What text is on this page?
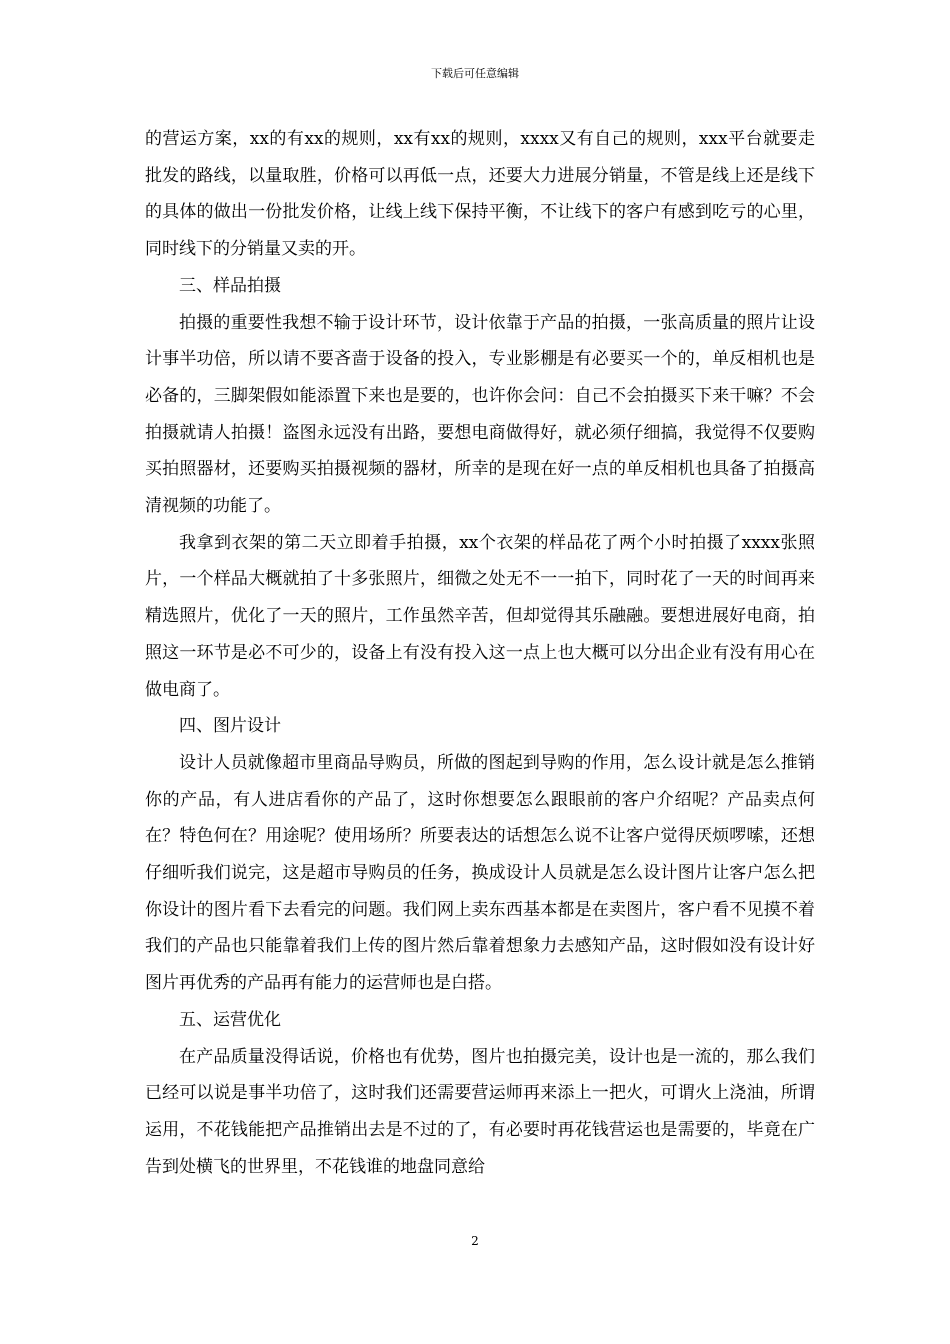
下载后可任意编辑

的营运方案，xx的有xx的规则，xx有xx的规则，xxxx又有自己的规则，xxx平台就要走批发的路线，以量取胜，价格可以再低一点，还要大力进展分销量，不管是线上还是线下的具体的做出一份批发价格，让线上线下保持平衡，不让线下的客户有感到吃亏的心里，同时线下的分销量又卖的开。

三、样品拍摄

拍摄的重要性我想不输于设计环节，设计依靠于产品的拍摄，一张高质量的照片让设计事半功倍，所以请不要吝啬于设备的投入，专业影棚是有必要买一个的，单反相机也是必备的，三脚架假如能添置下来也是要的，也许你会问：自己不会拍摄买下来干嘛？不会拍摄就请人拍摄！盗图永远没有出路，要想电商做得好，就必须仔细搞，我觉得不仅要购买拍照器材，还要购买拍摄视频的器材，所幸的是现在好一点的单反相机也具备了拍摄高清视频的功能了。

我拿到衣架的第二天立即着手拍摄，xx个衣架的样品花了两个小时拍摄了xxxx张照片，一个样品大概就拍了十多张照片，细微之处无不一一拍下，同时花了一天的时间再来精选照片，优化了一天的照片，工作虽然辛苦，但却觉得其乐融融。要想进展好电商，拍照这一环节是必不可少的，设备上有没有投入这一点上也大概可以分出企业有没有用心在做电商了。

四、图片设计

设计人员就像超市里商品导购员，所做的图起到导购的作用，怎么设计就是怎么推销你的产品，有人进店看你的产品了，这时你想要怎么跟眼前的客户介绍呢？产品卖点何在？特色何在？用途呢？使用场所？所要表达的话想怎么说不让客户觉得厌烦啰嗦，还想仔细听我们说完，这是超市导购员的任务，换成设计人员就是怎么设计图片让客户怎么把你设计的图片看下去看完的问题。我们网上卖东西基本都是在卖图片，客户看不见摸不着我们的产品也只能靠着我们上传的图片然后靠着想象力去感知产品，这时假如没有设计好图片再优秀的产品再有能力的运营师也是白搭。

五、运营优化

在产品质量没得话说，价格也有优势，图片也拍摄完美，设计也是一流的，那么我们已经可以说是事半功倍了，这时我们还需要营运师再来添上一把火，可谓火上浇油，所谓运用，不花钱能把产品推销出去是不过的了，有必要时再花钱营运也是需要的，毕竟在广告到处横飞的世界里，不花钱谁的地盘同意给

2
